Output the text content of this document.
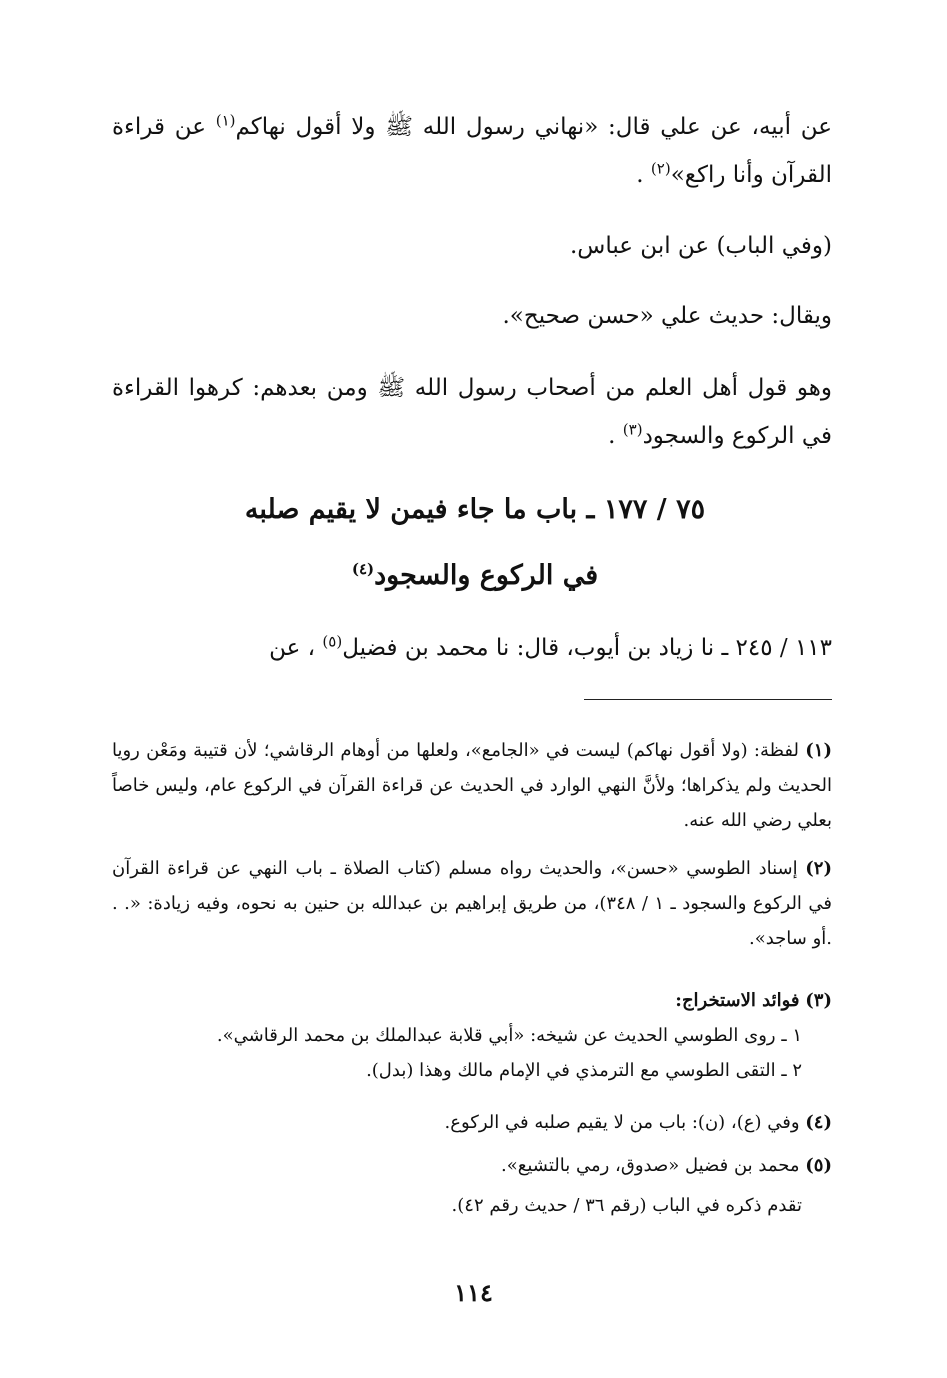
عن أبيه، عن علي قال: «نهاني رسول الله ﷺ ولا أقول نهاكم$^{(١)}$ عن قراءة القرآن وأنا راكع»$^{(٢)}$ .
(وفي الباب) عن ابن عباس.
ويقال: حديث علي «حسن صحيح».
وهو قول أهل العلم من أصحاب رسول الله ﷺ ومن بعدهم: كرهوا القراءة في الركوع والسجود$^{(٣)}$ .
٧٥ / ١٧٧ ـ باب ما جاء فيمن لا يقيم صلبه
في الركوع والسجود$^{(٤)}$
١١٣ / ٢٤٥ ـ نا زياد بن أيوب، قال: نا محمد بن فضيل$^{(٥)}$ ، عن
(١) لفظة: (ولا أقول نهاكم) ليست في «الجامع»، ولعلها من أوهام الرقاشي؛ لأن قتيبة ومَعْن رويا الحديث ولم يذكراها؛ ولأنَّ النهي الوارد في الحديث عن قراءة القرآن في الركوع عام، وليس خاصاً بعلي رضي الله عنه.
(٢) إسناد الطوسي «حسن»، والحديث رواه مسلم (كتاب الصلاة ـ باب النهي عن قراءة القرآن في الركوع والسجود ـ ١ / ٣٤٨)، من طريق إبراهيم بن عبدالله بن حنين به نحوه، وفيه زيادة: «. . .أو ساجد».
(٣) فوائد الاستخراج:
١ ـ روى الطوسي الحديث عن شيخه: «أبي قلابة عبدالملك بن محمد الرقاشي».
٢ ـ التقى الطوسي مع الترمذي في الإمام مالك وهذا (بدل).
(٤) وفي (ع)، (ن): باب من لا يقيم صلبه في الركوع.
(٥) محمد بن فضيل «صدوق، رمي بالتشيع».
تقدم ذكره في الباب (رقم ٣٦ / حديث رقم ٤٢).
١١٤
